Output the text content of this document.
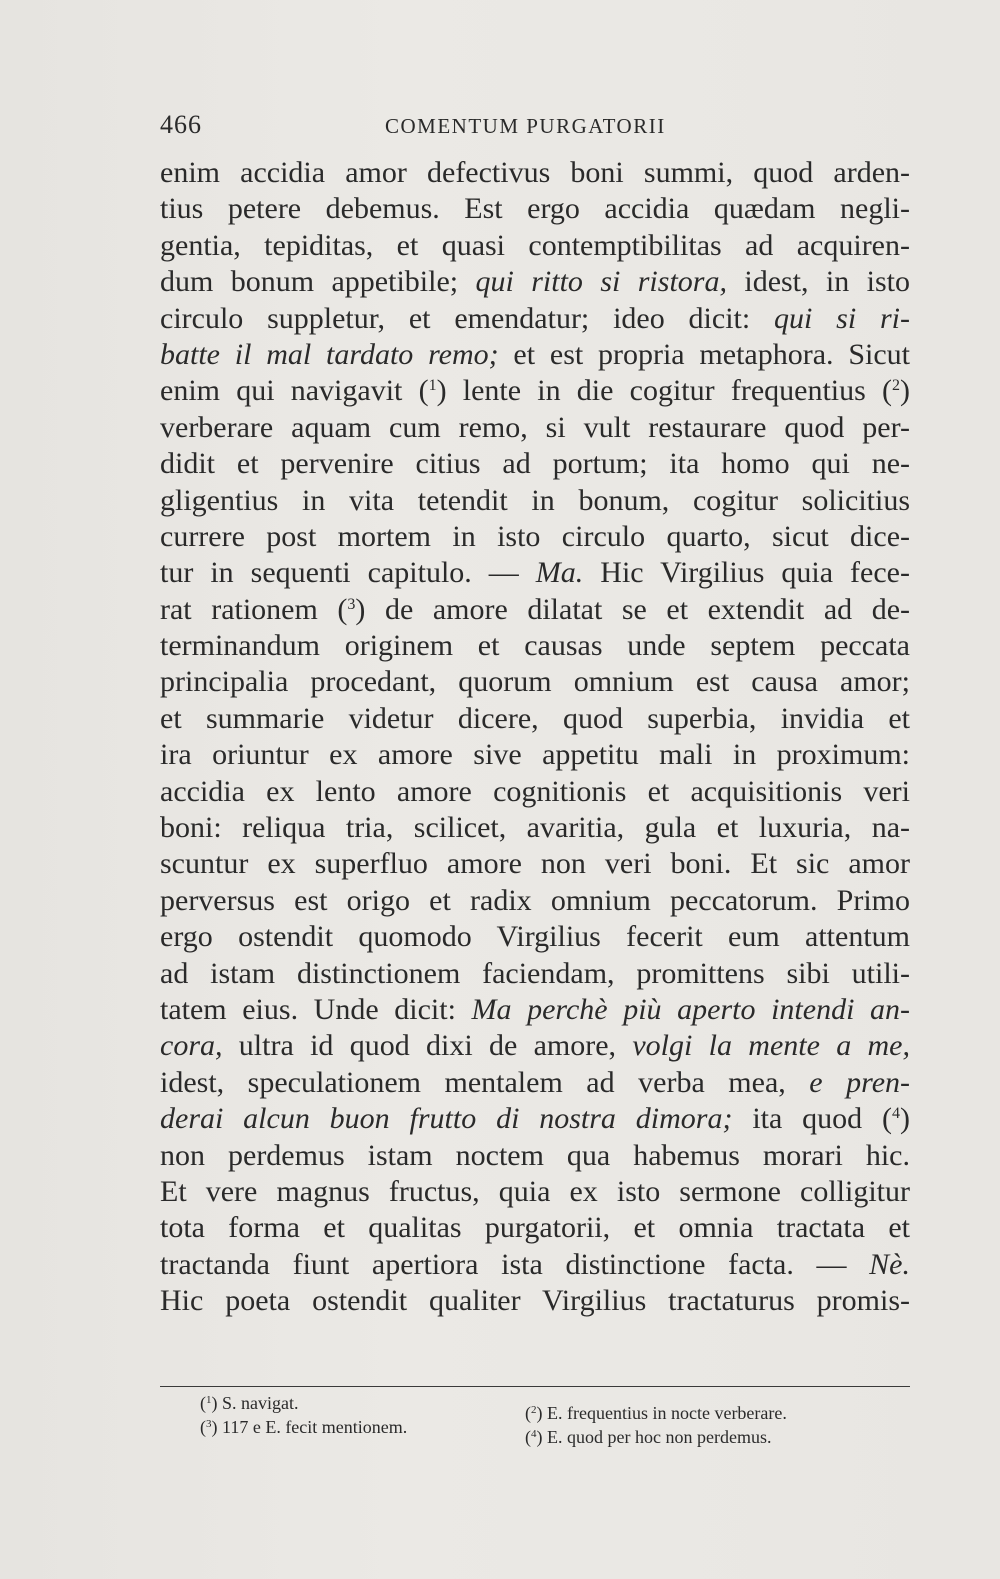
466	COMENTUM PURGATORII
enim accidia amor defectivus boni summi, quod arden-
tius petere debemus. Est ergo accidia quædam negli-
gentia, tepiditas, et quasi contemptibilitas ad acquiren-
dum bonum appetibile; qui ritto si ristora, idest, in isto
circulo suppletur, et emendatur; ideo dicit: qui si ri-
batte il mal tardato remo; et est propria metaphora. Sicut
enim qui navigavit ($^1$) lente in die cogitur frequentius ($^2$)
verberare aquam cum remo, si vult restaurare quod per-
didit et pervenire citius ad portum; ita homo qui ne-
gligentius in vita tetendit in bonum, cogitur solicitius
currere post mortem in isto circulo quarto, sicut dice-
tur in sequenti capitulo. — Ma. Hic Virgilius quia fece-
rat rationem ($^3$) de amore dilatat se et extendit ad de-
terminandum originem et causas unde septem peccata
principalia procedant, quorum omnium est causa amor;
et summarie videtur dicere, quod superbia, invidia et
ira oriuntur ex amore sive appetitu mali in proximum:
accidia ex lento amore cognitionis et acquisitionis veri
boni: reliqua tria, scilicet, avaritia, gula et luxuria, na-
scuntur ex superfluo amore non veri boni. Et sic amor
perversus est origo et radix omnium peccatorum. Primo
ergo ostendit quomodo Virgilius fecerit eum attentum
ad istam distinctionem faciendam, promittens sibi utili-
tatem eius. Unde dicit: Ma perchè più aperto intendi an-
cora, ultra id quod dixi de amore, volgi la mente a me,
idest, speculationem mentalem ad verba mea, e pren-
derai alcun buon frutto di nostra dimora; ita quod ($^4$)
non perdemus istam noctem qua habemus morari hic.
Et vere magnus fructus, quia ex isto sermone colligitur
tota forma et qualitas purgatorii, et omnia tractata et
tractanda fiunt apertiora ista distinctione facta. — Nè.
Hic poeta ostendit qualiter Virgilius tractaturus promis-
($^1$) S. navigat.	($^2$) E. frequentius in nocte verberare.
($^3$) 117 e E. fecit mentionem.	($^4$) E. quod per hoc non perdemus.
